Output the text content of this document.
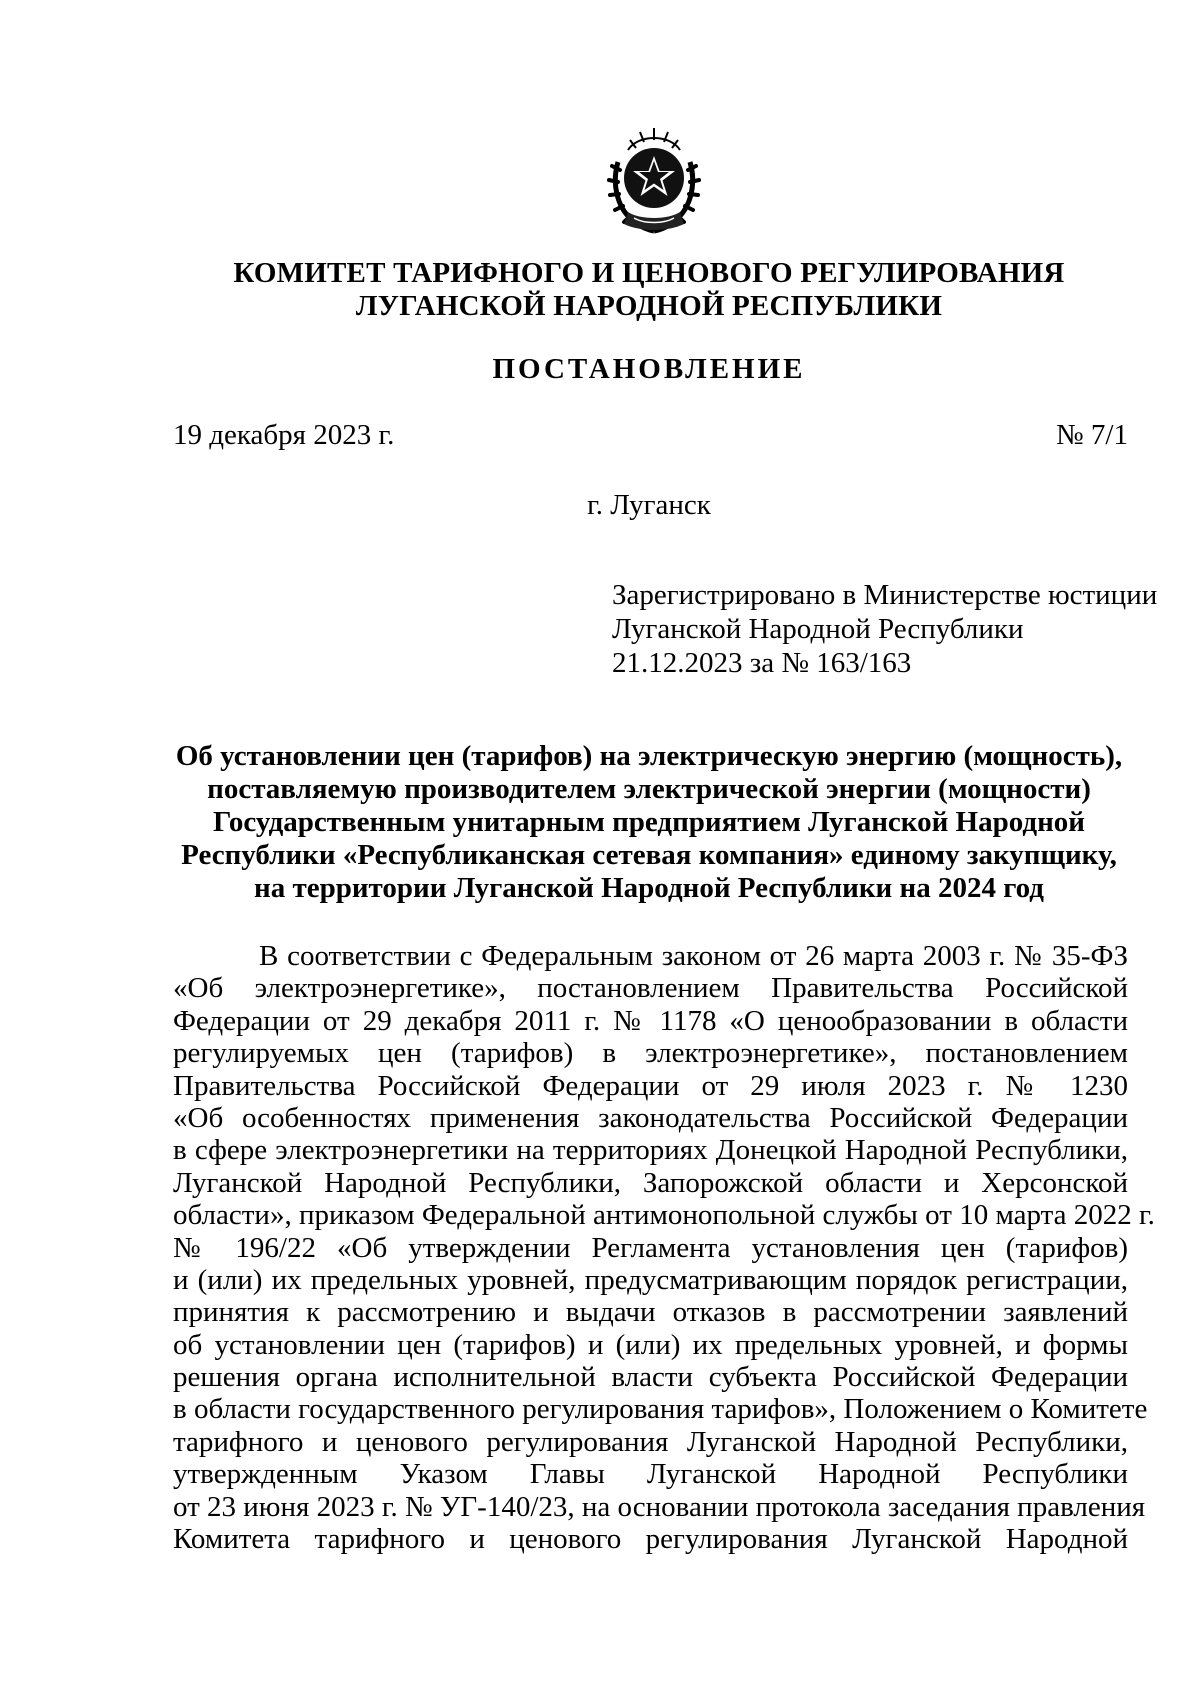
КОМИТЕТ ТАРИФНОГО И ЦЕНОВОГО РЕГУЛИРОВАНИЯ
ЛУГАНСКОЙ НАРОДНОЙ РЕСПУБЛИКИ
ПОСТАНОВЛЕНИЕ
19 декабря 2023 г.	№ 7/1
г. Луганск
Зарегистрировано в Министерстве юстиции
Луганской Народной Республики
21.12.2023 за № 163/163
Об установлении цен (тарифов) на электрическую энергию (мощность),
поставляемую производителем электрической энергии (мощности)
Государственным унитарным предприятием Луганской Народной
Республики «Республиканская сетевая компания» единому закупщику,
на территории Луганской Народной Республики на 2024 год
В соответствии с Федеральным законом от 26 марта 2003 г. № 35-ФЗ
«Об электроэнергетике», постановлением Правительства Российской
Федерации от 29 декабря 2011 г. № 1178 «О ценообразовании в области
регулируемых цен (тарифов) в электроэнергетике», постановлением
Правительства Российской Федерации от 29 июля 2023 г. № 1230
«Об особенностях применения законодательства Российской Федерации
в сфере электроэнергетики на территориях Донецкой Народной Республики,
Луганской Народной Республики, Запорожской области и Херсонской
области», приказом Федеральной антимонопольной службы от 10 марта 2022 г.
№ 196/22 «Об утверждении Регламента установления цен (тарифов)
и (или) их предельных уровней, предусматривающим порядок регистрации,
принятия к рассмотрению и выдачи отказов в рассмотрении заявлений
об установлении цен (тарифов) и (или) их предельных уровней, и формы
решения органа исполнительной власти субъекта Российской Федерации
в области государственного регулирования тарифов», Положением о Комитете
тарифного и ценового регулирования Луганской Народной Республики,
утвержденным Указом Главы Луганской Народной Республики
от 23 июня 2023 г. № УГ-140/23, на основании протокола заседания правления
Комитета тарифного и ценового регулирования Луганской Народной
